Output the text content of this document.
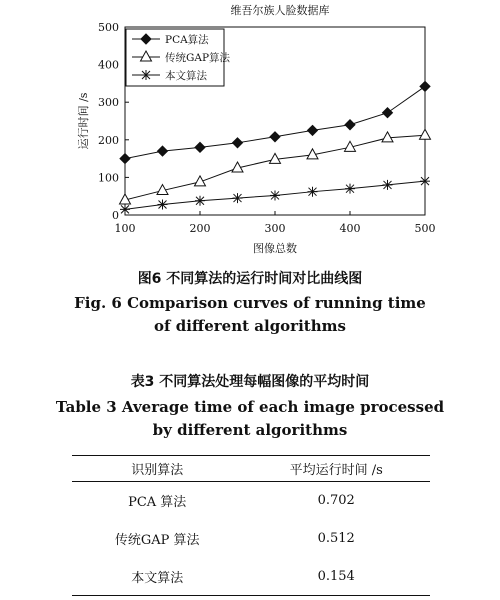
维吾尔族人脸数据库
0
100
200
300
400
500
100	200	300	400	500
运行时间 /s
图像总数
PCA算法
传统GAP算法
本文算法
图6 不同算法的运行时间对比曲线图
Fig. 6 Comparison curves of running time
of different algorithms
表3 不同算法处理每幅图像的平均时间
Table 3 Average time of each image processed
by different algorithms
识别算法	平均运行时间 /s
PCA 算法	0.702
传统GAP 算法	0.512
本文算法	0.154
